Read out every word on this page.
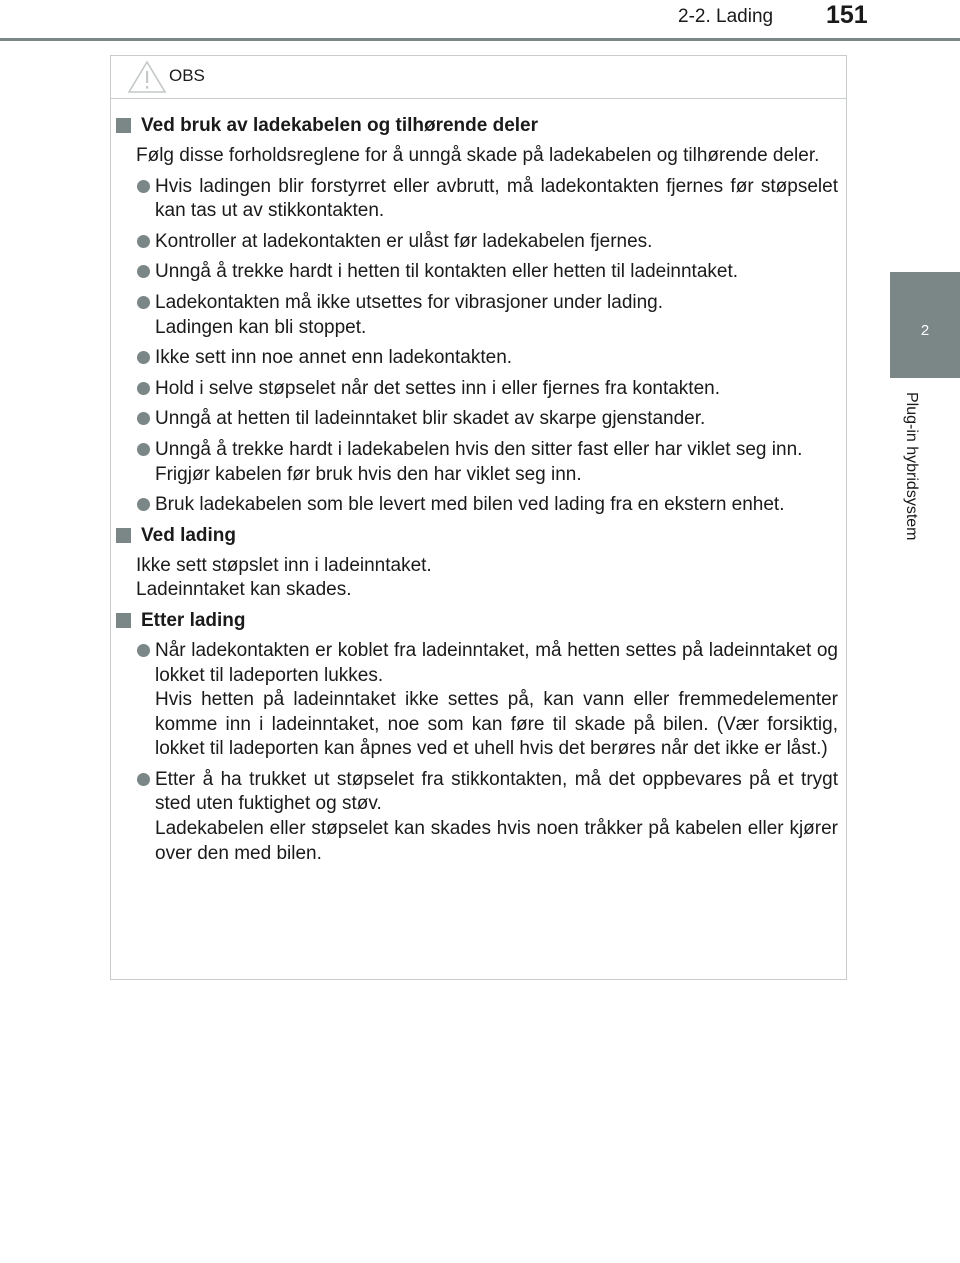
2-2. Lading 151
2
Plug-in hybridsystem
OBS
Ved bruk av ladekabelen og tilhørende deler
Følg disse forholdsreglene for å unngå skade på ladekabelen og tilhørende deler.
Hvis ladingen blir forstyrret eller avbrutt, må ladekontakten fjernes før støpselet kan tas ut av stikkontakten.
Kontroller at ladekontakten er ulåst før ladekabelen fjernes.
Unngå å trekke hardt i hetten til kontakten eller hetten til ladeinntaket.
Ladekontakten må ikke utsettes for vibrasjoner under lading.
Ladingen kan bli stoppet.
Ikke sett inn noe annet enn ladekontakten.
Hold i selve støpselet når det settes inn i eller fjernes fra kontakten.
Unngå at hetten til ladeinntaket blir skadet av skarpe gjenstander.
Unngå å trekke hardt i ladekabelen hvis den sitter fast eller har viklet seg inn.
Frigjør kabelen før bruk hvis den har viklet seg inn.
Bruk ladekabelen som ble levert med bilen ved lading fra en ekstern enhet.
Ved lading
Ikke sett støpslet inn i ladeinntaket.
Ladeinntaket kan skades.
Etter lading
Når ladekontakten er koblet fra ladeinntaket, må hetten settes på ladeinntaket og lokket til ladeporten lukkes.
Hvis hetten på ladeinntaket ikke settes på, kan vann eller fremmedelementer komme inn i ladeinntaket, noe som kan føre til skade på bilen. (Vær forsiktig, lokket til ladeporten kan åpnes ved et uhell hvis det berøres når det ikke er låst.)
Etter å ha trukket ut støpselet fra stikkontakten, må det oppbevares på et trygt sted uten fuktighet og støv.
Ladekabelen eller støpselet kan skades hvis noen tråkker på kabelen eller kjører over den med bilen.
